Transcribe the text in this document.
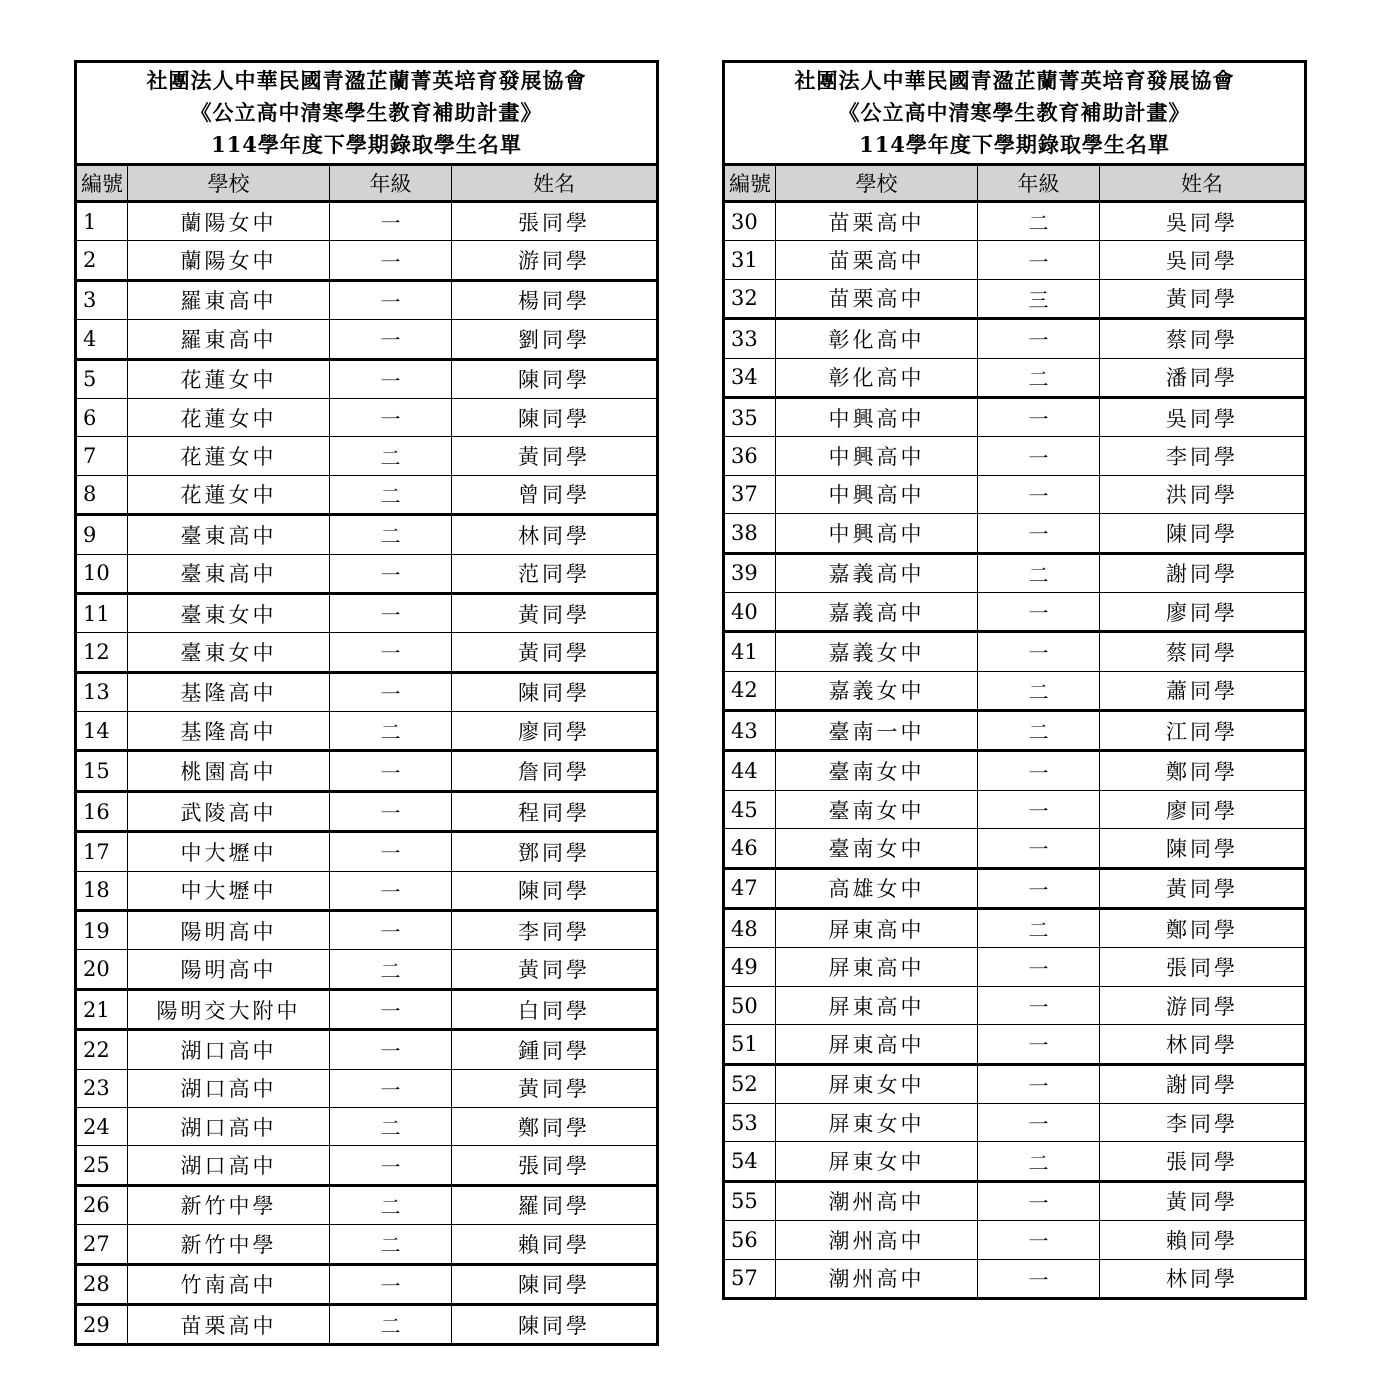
社團法人中華民國青溋芷蘭菁英培育發展協會
《公立高中清寒學生教育補助計畫》
114學年度下學期錄取學生名單			

編號	學校	年級	姓名
1	蘭陽女中	一	張同學
2	蘭陽女中	一	游同學
3	羅東高中	一	楊同學
4	羅東高中	一	劉同學
5	花蓮女中	一	陳同學
6	花蓮女中	一	陳同學
7	花蓮女中	二	黃同學
8	花蓮女中	二	曾同學
9	臺東高中	二	林同學
10	臺東高中	一	范同學
11	臺東女中	一	黃同學
12	臺東女中	一	黃同學
13	基隆高中	一	陳同學
14	基隆高中	二	廖同學
15	桃園高中	一	詹同學
16	武陵高中	一	程同學
17	中大壢中	一	鄧同學
18	中大壢中	一	陳同學
19	陽明高中	一	李同學
20	陽明高中	二	黃同學
21	陽明交大附中	一	白同學
22	湖口高中	一	鍾同學
23	湖口高中	一	黃同學
24	湖口高中	二	鄭同學
25	湖口高中	一	張同學
26	新竹中學	二	羅同學
27	新竹中學	二	賴同學
28	竹南高中	一	陳同學
29	苗栗高中	二	陳同學
社團法人中華民國青溋芷蘭菁英培育發展協會
《公立高中清寒學生教育補助計畫》
114學年度下學期錄取學生名單			

編號	學校	年級	姓名
30	苗栗高中	二	吳同學
31	苗栗高中	一	吳同學
32	苗栗高中	三	黃同學
33	彰化高中	一	蔡同學
34	彰化高中	二	潘同學
35	中興高中	一	吳同學
36	中興高中	一	李同學
37	中興高中	一	洪同學
38	中興高中	一	陳同學
39	嘉義高中	二	謝同學
40	嘉義高中	一	廖同學
41	嘉義女中	一	蔡同學
42	嘉義女中	二	蕭同學
43	臺南一中	二	江同學
44	臺南女中	一	鄭同學
45	臺南女中	一	廖同學
46	臺南女中	一	陳同學
47	高雄女中	一	黃同學
48	屏東高中	二	鄭同學
49	屏東高中	一	張同學
50	屏東高中	一	游同學
51	屏東高中	一	林同學
52	屏東女中	一	謝同學
53	屏東女中	一	李同學
54	屏東女中	二	張同學
55	潮州高中	一	黃同學
56	潮州高中	一	賴同學
57	潮州高中	一	林同學
